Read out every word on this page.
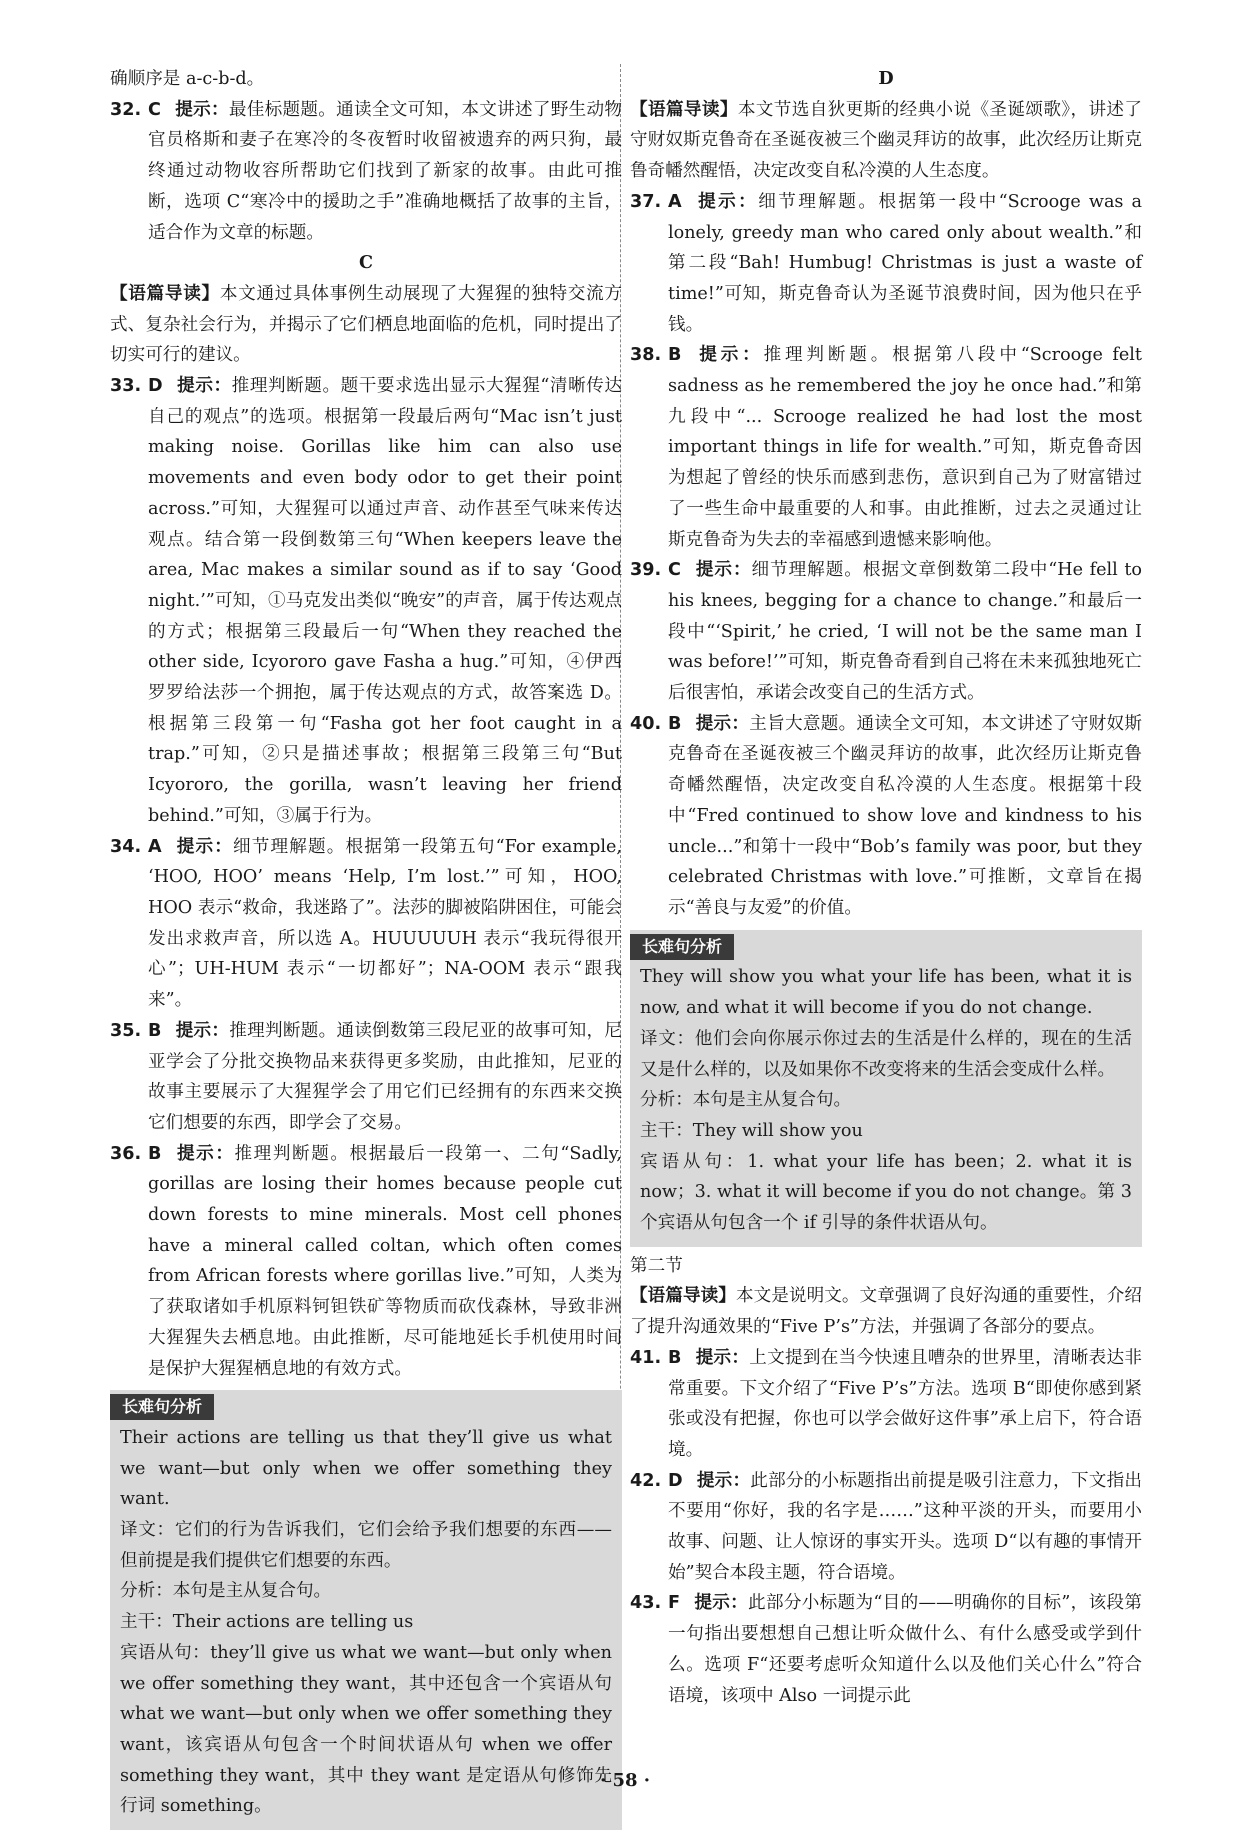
确顺序是 a-c-b-d。

32. C 提示：最佳标题题。通读全文可知，本文讲述了野生动物官员格斯和妻子在寒冷的冬夜暂时收留被遗弃的两只狗，最终通过动物收容所帮助它们找到了新家的故事。由此可推断，选项 C“寒冷中的援助之手”准确地概括了故事的主旨，适合作为文章的标题。

C

【语篇导读】本文通过具体事例生动展现了大猩猩的独特交流方式、复杂社会行为，并揭示了它们栖息地面临的危机，同时提出了切实可行的建议。

33. D 提示：推理判断题。题干要求选出显示大猩猩“清晰传达自己的观点”的选项。根据第一段最后两句“Mac isn’t just making noise. Gorillas like him can also use movements and even body odor to get their point across.”可知，大猩猩可以通过声音、动作甚至气味来传达观点。结合第一段倒数第三句“When keepers leave the area, Mac makes a similar sound as if to say ‘Good night.’”可知，①马克发出类似“晚安”的声音，属于传达观点的方式；根据第三段最后一句“When they reached the other side, Icyororo gave Fasha a hug.”可知，④伊西罗罗给法莎一个拥抱，属于传达观点的方式，故答案选 D。根据第三段第一句“Fasha got her foot caught in a trap.”可知，②只是描述事故；根据第三段第三句“But Icyororo, the gorilla, wasn’t leaving her friend behind.”可知，③属于行为。

34. A 提示：细节理解题。根据第一段第五句“For example, ‘HOO, HOO’ means ‘Help, I’m lost.’”可知，HOO, HOO 表示“救命，我迷路了”。法莎的脚被陷阱困住，可能会发出求救声音，所以选 A。HUUUUUH 表示“我玩得很开心”；UH-HUM 表示“一切都好”；NA-OOM 表示“跟我来”。

35. B 提示：推理判断题。通读倒数第三段尼亚的故事可知，尼亚学会了分批交换物品来获得更多奖励，由此推知，尼亚的故事主要展示了大猩猩学会了用它们已经拥有的东西来交换它们想要的东西，即学会了交易。

36. B 提示：推理判断题。根据最后一段第一、二句“Sadly, gorillas are losing their homes because people cut down forests to mine minerals. Most cell phones have a mineral called coltan, which often comes from African forests where gorillas live.”可知，人类为了获取诸如手机原料钶钽铁矿等物质而砍伐森林，导致非洲大猩猩失去栖息地。由此推断，尽可能地延长手机使用时间是保护大猩猩栖息地的有效方式。

长难句分析

Their actions are telling us that they’ll give us what we want—but only when we offer something they want.

译文：它们的行为告诉我们，它们会给予我们想要的东西——但前提是我们提供它们想要的东西。

分析：本句是主从复合句。

主干：Their actions are telling us

宾语从句：they’ll give us what we want—but only when we offer something they want，其中还包含一个宾语从句 what we want—but only when we offer something they want，该宾语从句包含一个时间状语从句 when we offer something they want，其中 they want 是定语从句修饰先行词 something。

D

【语篇导读】本文节选自狄更斯的经典小说《圣诞颂歌》，讲述了守财奴斯克鲁奇在圣诞夜被三个幽灵拜访的故事，此次经历让斯克鲁奇幡然醒悟，决定改变自私冷漠的人生态度。

37. A 提示：细节理解题。根据第一段中“Scrooge was a lonely, greedy man who cared only about wealth.”和第二段“Bah! Humbug! Christmas is just a waste of time!”可知，斯克鲁奇认为圣诞节浪费时间，因为他只在乎钱。

38. B 提示：推理判断题。根据第八段中“Scrooge felt sadness as he remembered the joy he once had.”和第九段中“... Scrooge realized he had lost the most important things in life for wealth.”可知，斯克鲁奇因为想起了曾经的快乐而感到悲伤，意识到自己为了财富错过了一些生命中最重要的人和事。由此推断，过去之灵通过让斯克鲁奇为失去的幸福感到遗憾来影响他。

39. C 提示：细节理解题。根据文章倒数第二段中“He fell to his knees, begging for a chance to change.”和最后一段中“‘Spirit,’ he cried, ‘I will not be the same man I was before!’”可知，斯克鲁奇看到自己将在未来孤独地死亡后很害怕，承诺会改变自己的生活方式。

40. B 提示：主旨大意题。通读全文可知，本文讲述了守财奴斯克鲁奇在圣诞夜被三个幽灵拜访的故事，此次经历让斯克鲁奇幡然醒悟，决定改变自私冷漠的人生态度。根据第十段中“Fred continued to show love and kindness to his uncle...”和第十一段中“Bob’s family was poor, but they celebrated Christmas with love.”可推断，文章旨在揭示“善良与友爱”的价值。

长难句分析

They will show you what your life has been, what it is now, and what it will become if you do not change.

译文：他们会向你展示你过去的生活是什么样的，现在的生活又是什么样的，以及如果你不改变将来的生活会变成什么样。

分析：本句是主从复合句。

主干：They will show you

宾语从句：1. what your life has been；2. what it is now；3. what it will become if you do not change。第 3 个宾语从句包含一个 if 引导的条件状语从句。

第二节

【语篇导读】本文是说明文。文章强调了良好沟通的重要性，介绍了提升沟通效果的“Five P’s”方法，并强调了各部分的要点。

41. B 提示：上文提到在当今快速且嘈杂的世界里，清晰表达非常重要。下文介绍了“Five P’s”方法。选项 B“即使你感到紧张或没有把握，你也可以学会做好这件事”承上启下，符合语境。

42. D 提示：此部分的小标题指出前提是吸引注意力，下文指出不要用“你好，我的名字是……”这种平淡的开头，而要用小故事、问题、让人惊讶的事实开头。选项 D“以有趣的事情开始”契合本段主题，符合语境。

43. F 提示：此部分小标题为“目的——明确你的目标”，该段第一句指出要想想自己想让听众做什么、有什么感受或学到什么。选项 F“还要考虑听众知道什么以及他们关心什么”符合语境，该项中 Also 一词提示此

· 58 ·
